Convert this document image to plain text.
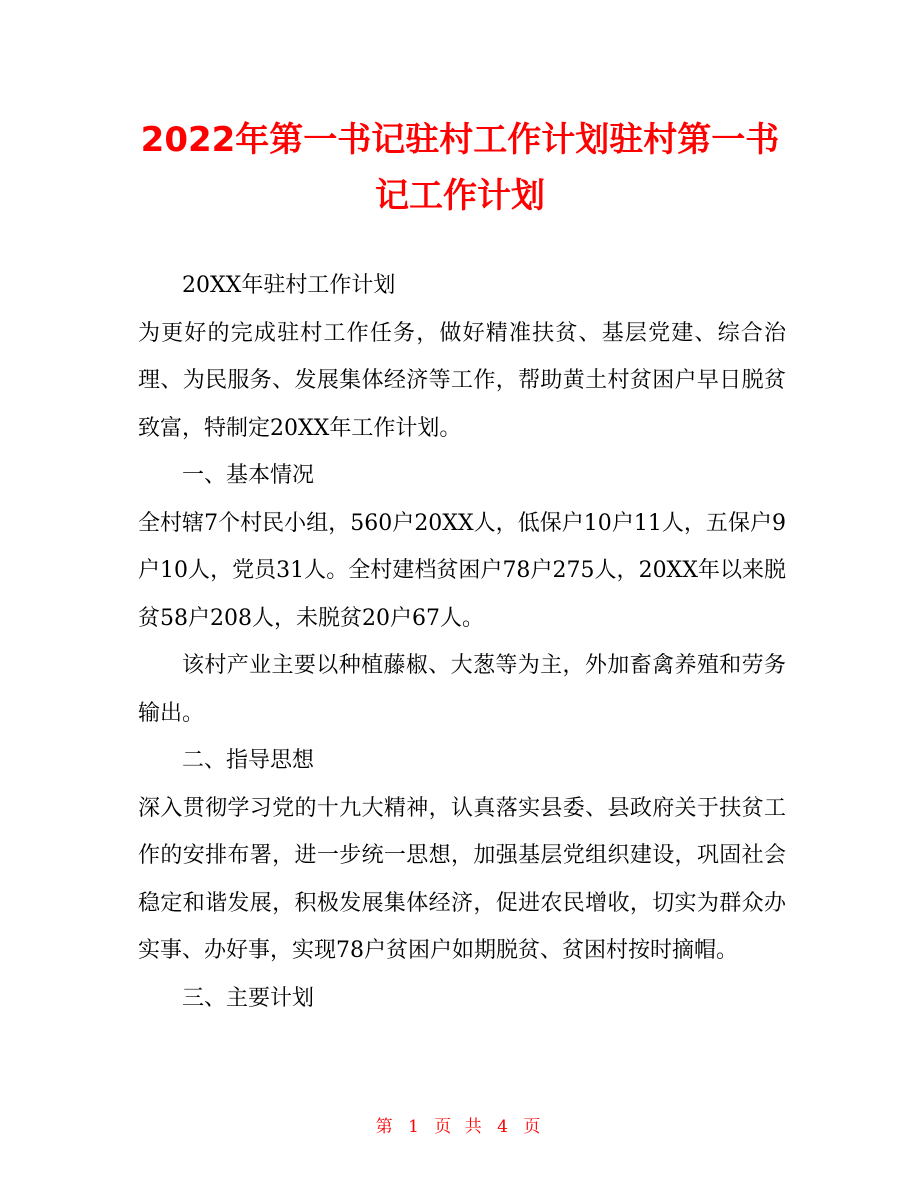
2022年第一书记驻村工作计划驻村第一书记工作计划

20XX年驻村工作计划

为更好的完成驻村工作任务，做好精准扶贫、基层党建、综合治理、为民服务、发展集体经济等工作，帮助黄土村贫困户早日脱贫致富，特制定20XX年工作计划。

一、基本情况

全村辖7个村民小组，560户20XX人，低保户10户11人，五保户9户10人，党员31人。全村建档贫困户78户275人，20XX年以来脱贫58户208人，未脱贫20户67人。

该村产业主要以种植藤椒、大葱等为主，外加畜禽养殖和劳务输出。

二、指导思想

深入贯彻学习党的十九大精神，认真落实县委、县政府关于扶贫工作的安排布署，进一步统一思想，加强基层党组织建设，巩固社会稳定和谐发展，积极发展集体经济，促进农民增收，切实为群众办实事、办好事，实现78户贫困户如期脱贫、贫困村按时摘帽。

三、主要计划

第 1 页 共 4 页
